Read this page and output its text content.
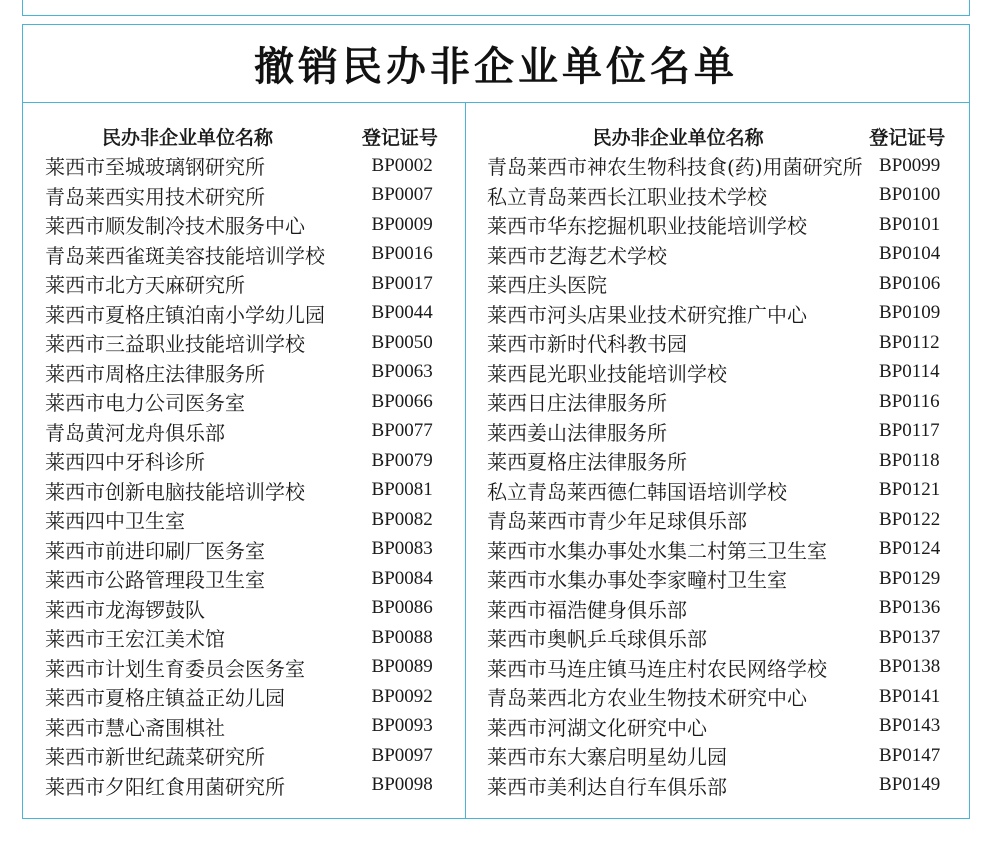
撤销民办非企业单位名单
民办非企业单位名称	登记证号
莱西市至城玻璃钢研究所	BP0002
青岛莱西实用技术研究所	BP0007
莱西市顺发制冷技术服务中心	BP0009
青岛莱西雀斑美容技能培训学校	BP0016
莱西市北方天麻研究所	BP0017
莱西市夏格庄镇泊南小学幼儿园	BP0044
莱西市三益职业技能培训学校	BP0050
莱西市周格庄法律服务所	BP0063
莱西市电力公司医务室	BP0066
青岛黄河龙舟俱乐部	BP0077
莱西四中牙科诊所	BP0079
莱西市创新电脑技能培训学校	BP0081
莱西四中卫生室	BP0082
莱西市前进印刷厂医务室	BP0083
莱西市公路管理段卫生室	BP0084
莱西市龙海锣鼓队	BP0086
莱西市王宏江美术馆	BP0088
莱西市计划生育委员会医务室	BP0089
莱西市夏格庄镇益正幼儿园	BP0092
莱西市慧心斋围棋社	BP0093
莱西市新世纪蔬菜研究所	BP0097
莱西市夕阳红食用菌研究所	BP0098
民办非企业单位名称	登记证号
青岛莱西市神农生物科技食(药)用菌研究所 BP0099
私立青岛莱西长江职业技术学校	BP0100
莱西市华东挖掘机职业技能培训学校	BP0101
莱西市艺海艺术学校	BP0104
莱西庄头医院	BP0106
莱西市河头店果业技术研究推广中心	BP0109
莱西市新时代科教书园	BP0112
莱西昆光职业技能培训学校	BP0114
莱西日庄法律服务所	BP0116
莱西姜山法律服务所	BP0117
莱西夏格庄法律服务所	BP0118
私立青岛莱西德仁韩国语培训学校	BP0121
青岛莱西市青少年足球俱乐部	BP0122
莱西市水集办事处水集二村第三卫生室	BP0124
莱西市水集办事处李家疃村卫生室	BP0129
莱西市福浩健身俱乐部	BP0136
莱西市奥帆乒乓球俱乐部	BP0137
莱西市马连庄镇马连庄村农民网络学校	BP0138
青岛莱西北方农业生物技术研究中心	BP0141
莱西市河湖文化研究中心	BP0143
莱西市东大寨启明星幼儿园	BP0147
莱西市美利达自行车俱乐部	BP0149
